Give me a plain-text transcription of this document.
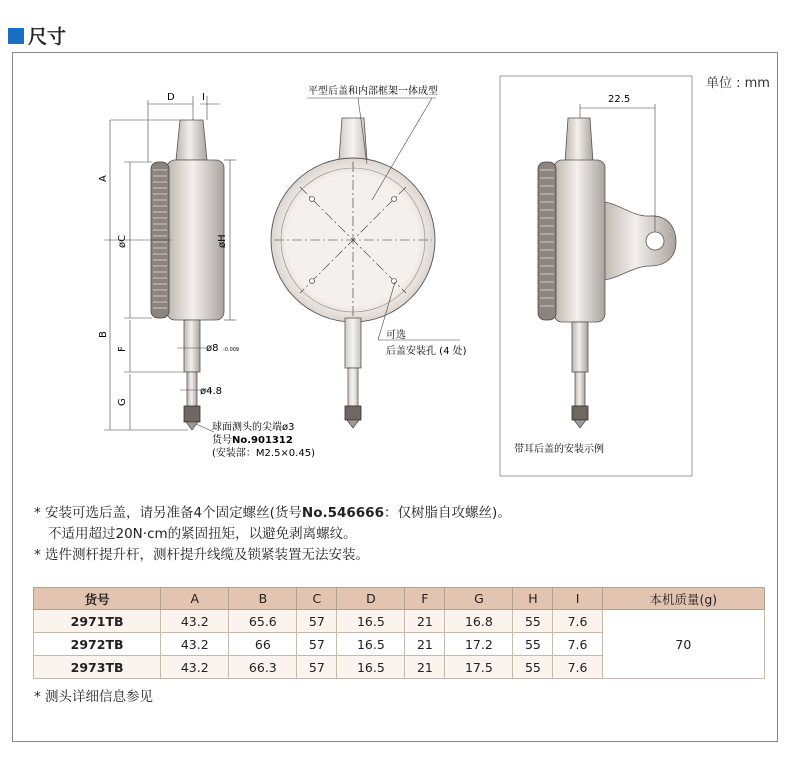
尺寸
单位 : mm
D	I
A
øC	øH
B
F
G
ø8 -0.009
ø4.8
球面测头的尖端ø3
货号No.901312
(安装部：M2.5×0.45)
平型后盖和内部框架一体成型
可选
后盖安装孔 (4 处)
22.5
带耳后盖的安装示例
* 安装可选后盖，请另准备4个固定螺丝(货号No.546666：仅树脂自攻螺丝)。
不适用超过20N·cm的紧固扭矩，以避免剥离螺纹。
* 选件测杆提升杆，测杆提升线缆及锁紧装置无法安装。
货号	A	B	C	D	F	G	H	I	本机质量(g)
2971TB	43.2	65.6	57	16.5	21	16.8	55	7.6	70
2972TB	43.2	66	57	16.5	21	17.2	55	7.6	
2973TB	43.2	66.3	57	16.5	21	17.5	55	7.6	
* 测头详细信息参见
